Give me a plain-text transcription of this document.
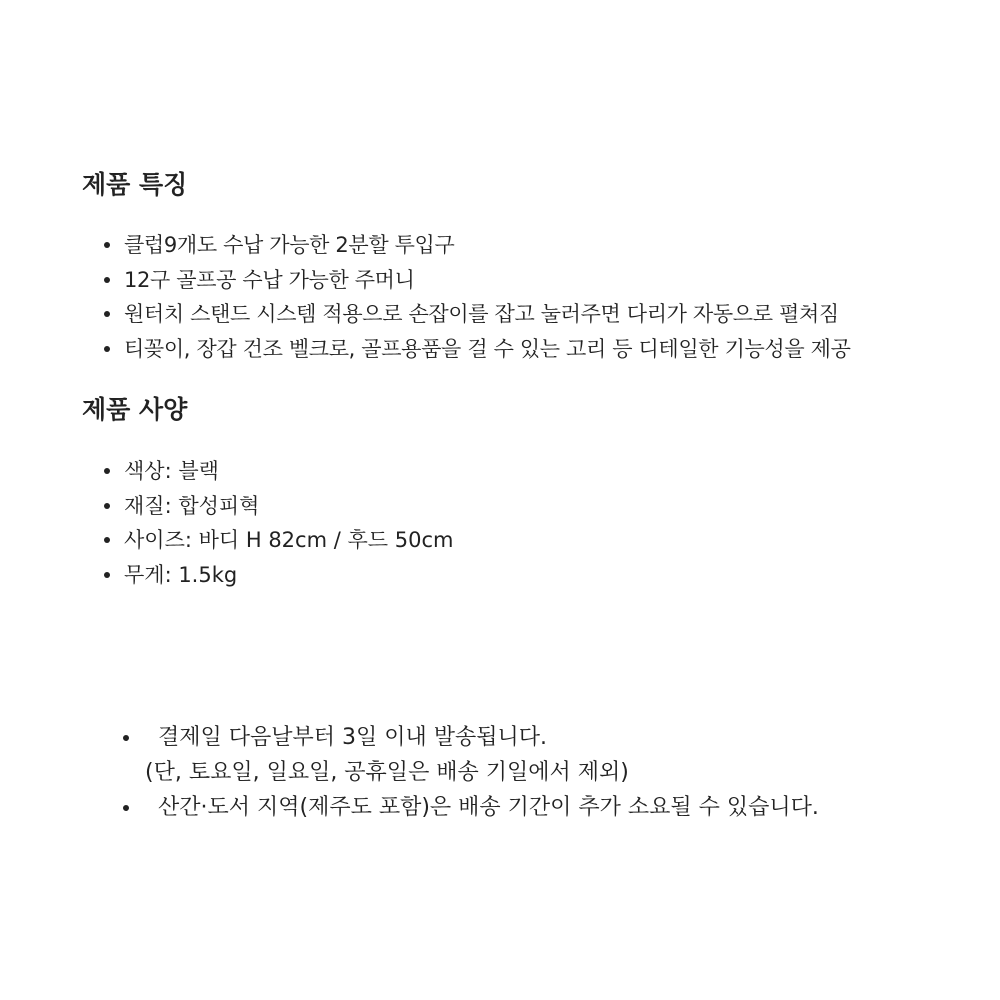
제품 특징
클럽9개도 수납 가능한 2분할 투입구
12구 골프공 수납 가능한 주머니
원터치 스탠드 시스템 적용으로 손잡이를 잡고 눌러주면 다리가 자동으로 펼쳐짐
티꽂이, 장갑 건조 벨크로, 골프용품을 걸 수 있는 고리 등 디테일한 기능성을 제공
제품 사양
색상: 블랙
재질: 합성피혁
사이즈: 바디 H 82cm / 후드 50cm
무게: 1.5kg
결제일 다음날부터 3일 이내 발송됩니다.
(단, 토요일, 일요일, 공휴일은 배송 기일에서 제외)
산간·도서 지역(제주도 포함)은 배송 기간이 추가 소요될 수 있습니다.
